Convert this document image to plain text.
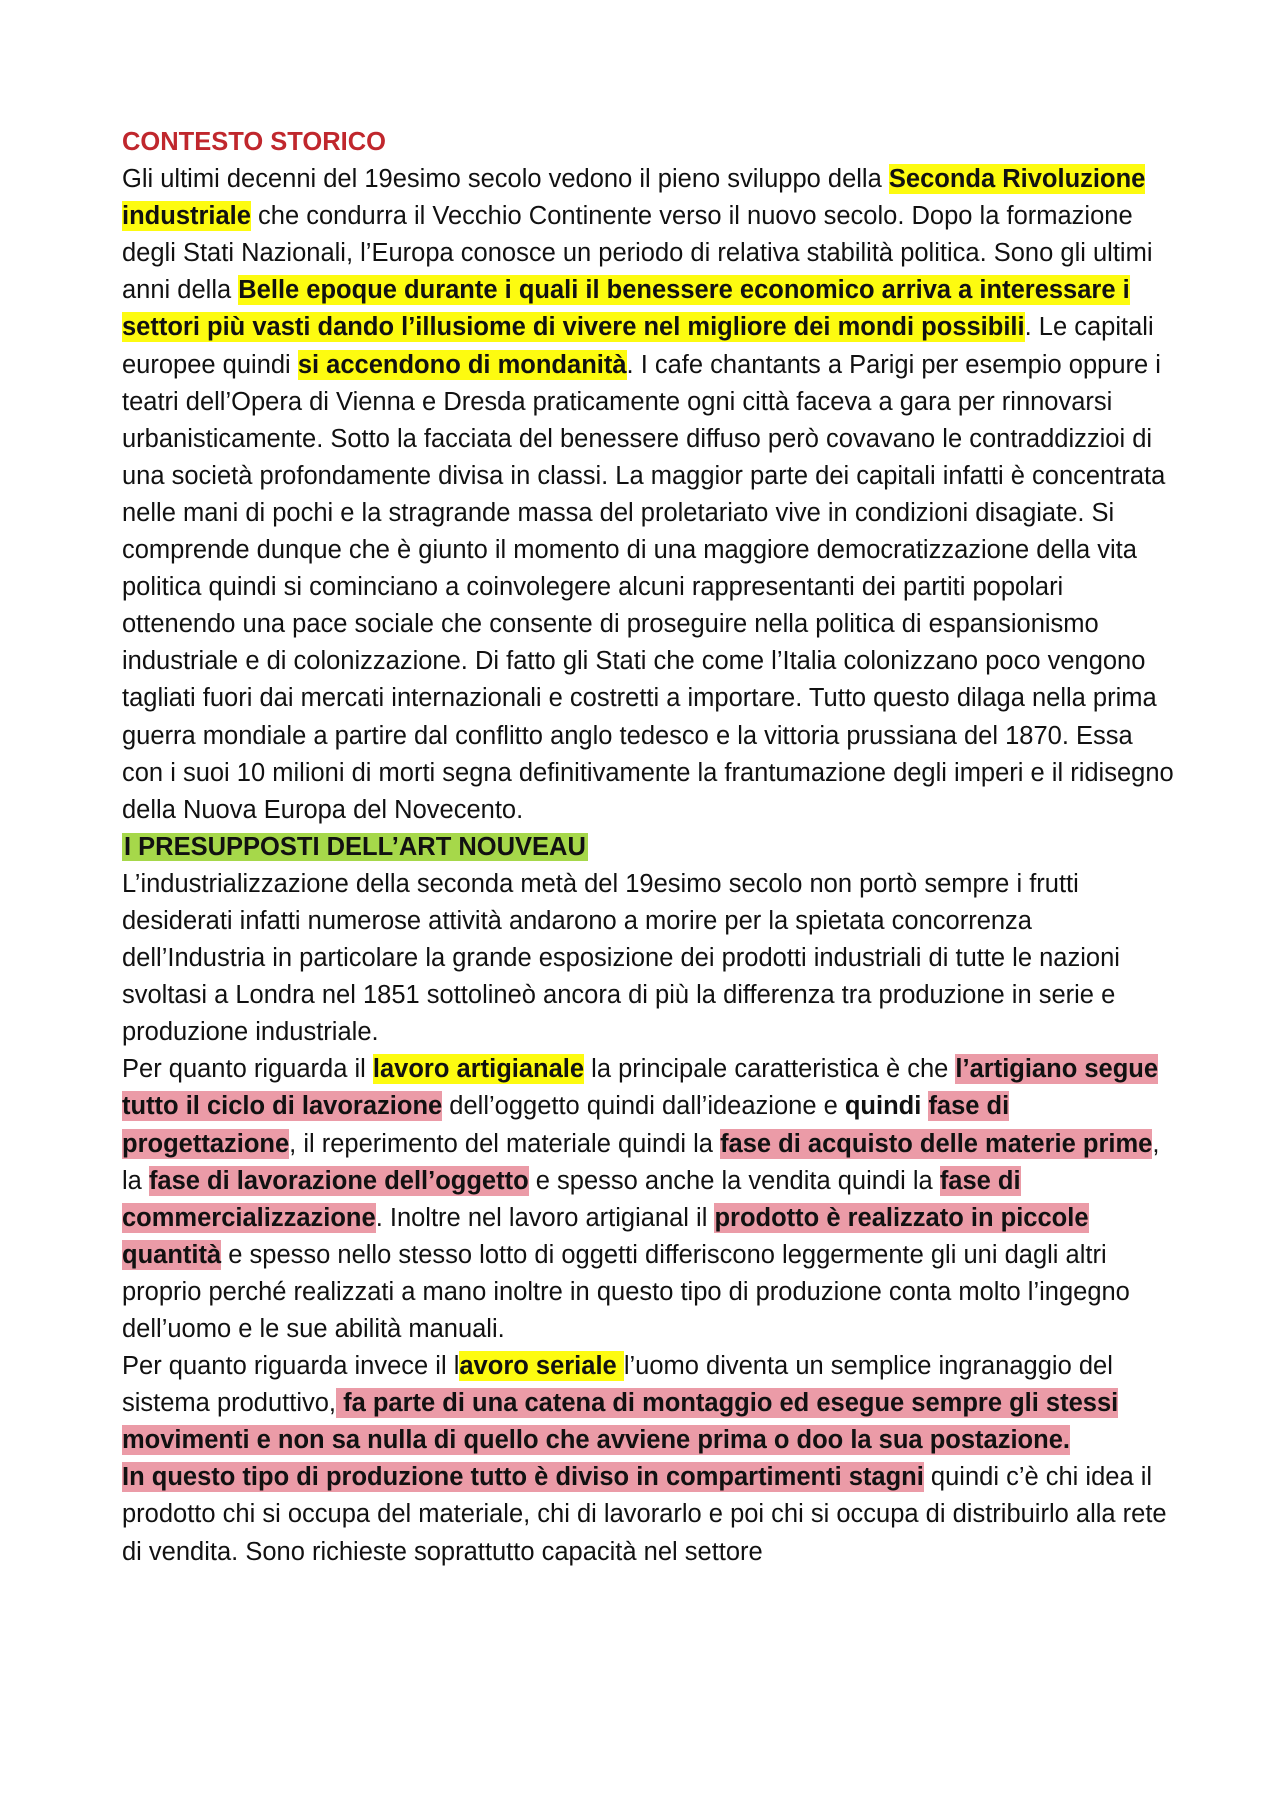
CONTESTO STORICO

Gli ultimi decenni del 19esimo secolo vedono il pieno sviluppo della Seconda Rivoluzione industriale che condurra il Vecchio Continente verso il nuovo secolo. Dopo la formazione degli Stati Nazionali, l’Europa conosce un periodo di relativa stabilità politica. Sono gli ultimi anni della Belle epoque durante i quali il benessere economico arriva a interessare i settori più vasti dando l’illusiome di vivere nel migliore dei mondi possibili. Le capitali europee quindi si accendono di mondanità. I cafe chantants a Parigi per esempio oppure i teatri dell’Opera di Vienna e Dresda praticamente ogni città faceva a gara per rinnovarsi urbanisticamente. Sotto la facciata del benessere diffuso però covavano le contraddizzioi di una società profondamente divisa in classi. La maggior parte dei capitali infatti è concentrata nelle mani di pochi e la stragrande massa del proletariato vive in condizioni disagiate. Si comprende dunque che è giunto il momento di una maggiore democratizzazione della vita politica quindi si cominciano a coinvolegere alcuni rappresentanti dei partiti popolari ottenendo una pace sociale che consente di proseguire nella politica di espansionismo industriale e di colonizzazione. Di fatto gli Stati che come l’Italia colonizzano poco vengono tagliati fuori dai mercati internazionali e costretti a importare. Tutto questo dilaga nella prima guerra mondiale a partire dal conflitto anglo tedesco e la vittoria prussiana del 1870. Essa con i suoi 10 milioni di morti segna definitivamente la frantumazione degli imperi e il ridisegno della Nuova Europa del Novecento.

I PRESUPPOSTI DELL’ART NOUVEAU

L’industrializzazione della seconda metà del 19esimo secolo non portò sempre i frutti desiderati infatti numerose attività andarono a morire per la spietata concorrenza dell’Industria in particolare la grande esposizione dei prodotti industriali di tutte le nazioni svoltasi a Londra nel 1851 sottolineò ancora di più la differenza tra produzione in serie e produzione industriale.

Per quanto riguarda il lavoro artigianale la principale caratteristica è che l’artigiano segue tutto il ciclo di lavorazione dell’oggetto quindi dall’ideazione e quindi fase di progettazione, il reperimento del materiale quindi la fase di acquisto delle materie prime, la fase di lavorazione dell’oggetto e spesso anche la vendita quindi la fase di commercializzazione. Inoltre nel lavoro artigianal il prodotto è realizzato in piccole quantità e spesso nello stesso lotto di oggetti differiscono leggermente gli uni dagli altri proprio perché realizzati a mano inoltre in questo tipo di produzione conta molto l’ingegno dell’uomo e le sue abilità manuali.

Per quanto riguarda invece il lavoro seriale l’uomo diventa un semplice ingranaggio del sistema produttivo, fa parte di una catena di montaggio ed esegue sempre gli stessi movimenti e non sa nulla di quello che avviene prima o doo la sua postazione.

In questo tipo di produzione tutto è diviso in compartimenti stagni quindi c’è chi idea il prodotto chi si occupa del materiale, chi di lavorarlo e poi chi si occupa di distribuirlo alla rete di vendita. Sono richieste soprattutto capacità nel settore
